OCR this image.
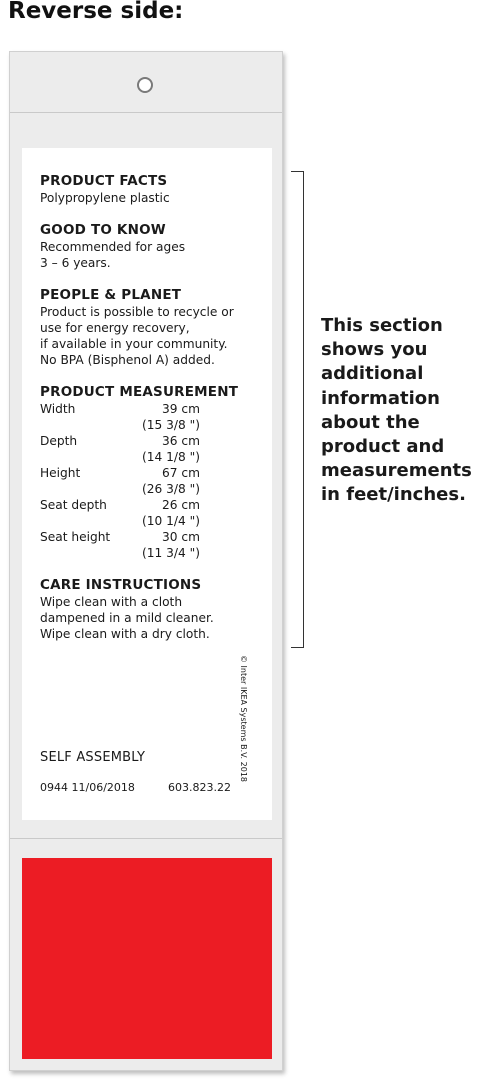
Reverse side:

PRODUCT FACTS

Polypropylene plastic

GOOD TO KNOW

Recommended for ages
3 – 6 years.

PEOPLE & PLANET

Product is possible to recycle or
use for energy recovery,
if available in your community.
No BPA (Bisphenol A) added.

PRODUCT MEASUREMENT

Width	39 cm
(15 3/8 ")
Depth	36 cm
(14 1/8 ")
Height	67 cm
(26 3/8 ")
Seat depth	26 cm
(10 1/4 ")
Seat height	30 cm
(11 3/4 ")

CARE INSTRUCTIONS

Wipe clean with a cloth
dampened in a mild cleaner.
Wipe clean with a dry cloth.

SELF ASSEMBLY
0944 11/06/2018	603.823.22
© Inter IKEA Systems B.V. 2018

This section
shows you
additional
information
about the
product and
measurements
in feet/inches.
